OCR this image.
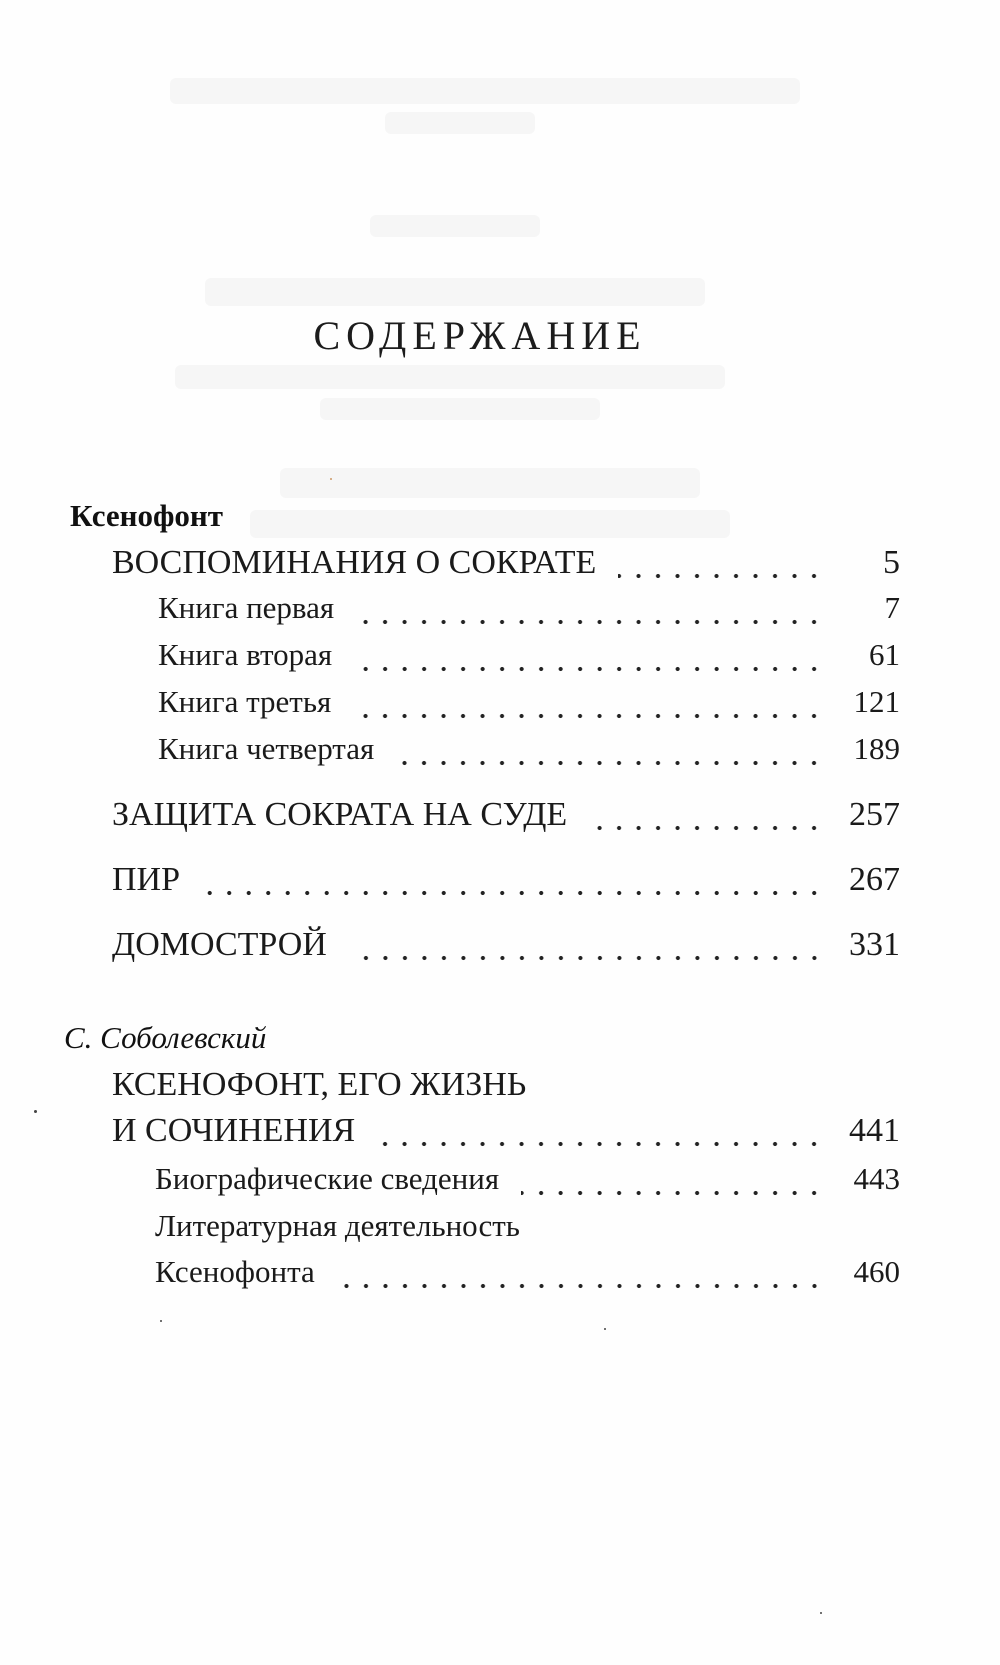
СОДЕРЖАНИЕ
Ксенофонт
ВОСПОМИНАНИЯ О СОКРАТЕ	5
Книга первая	7
Книга вторая	61
Книга третья	121
Книга четвертая	189
ЗАЩИТА СОКРАТА НА СУДЕ	257
ПИР	267
ДОМОСТРОЙ	331
С. Соболевский
КСЕНОФОНТ, ЕГО ЖИЗНЬ
И СОЧИНЕНИЯ	441
Биографические сведения	443
Литературная деятельность
Ксенофонта	460
